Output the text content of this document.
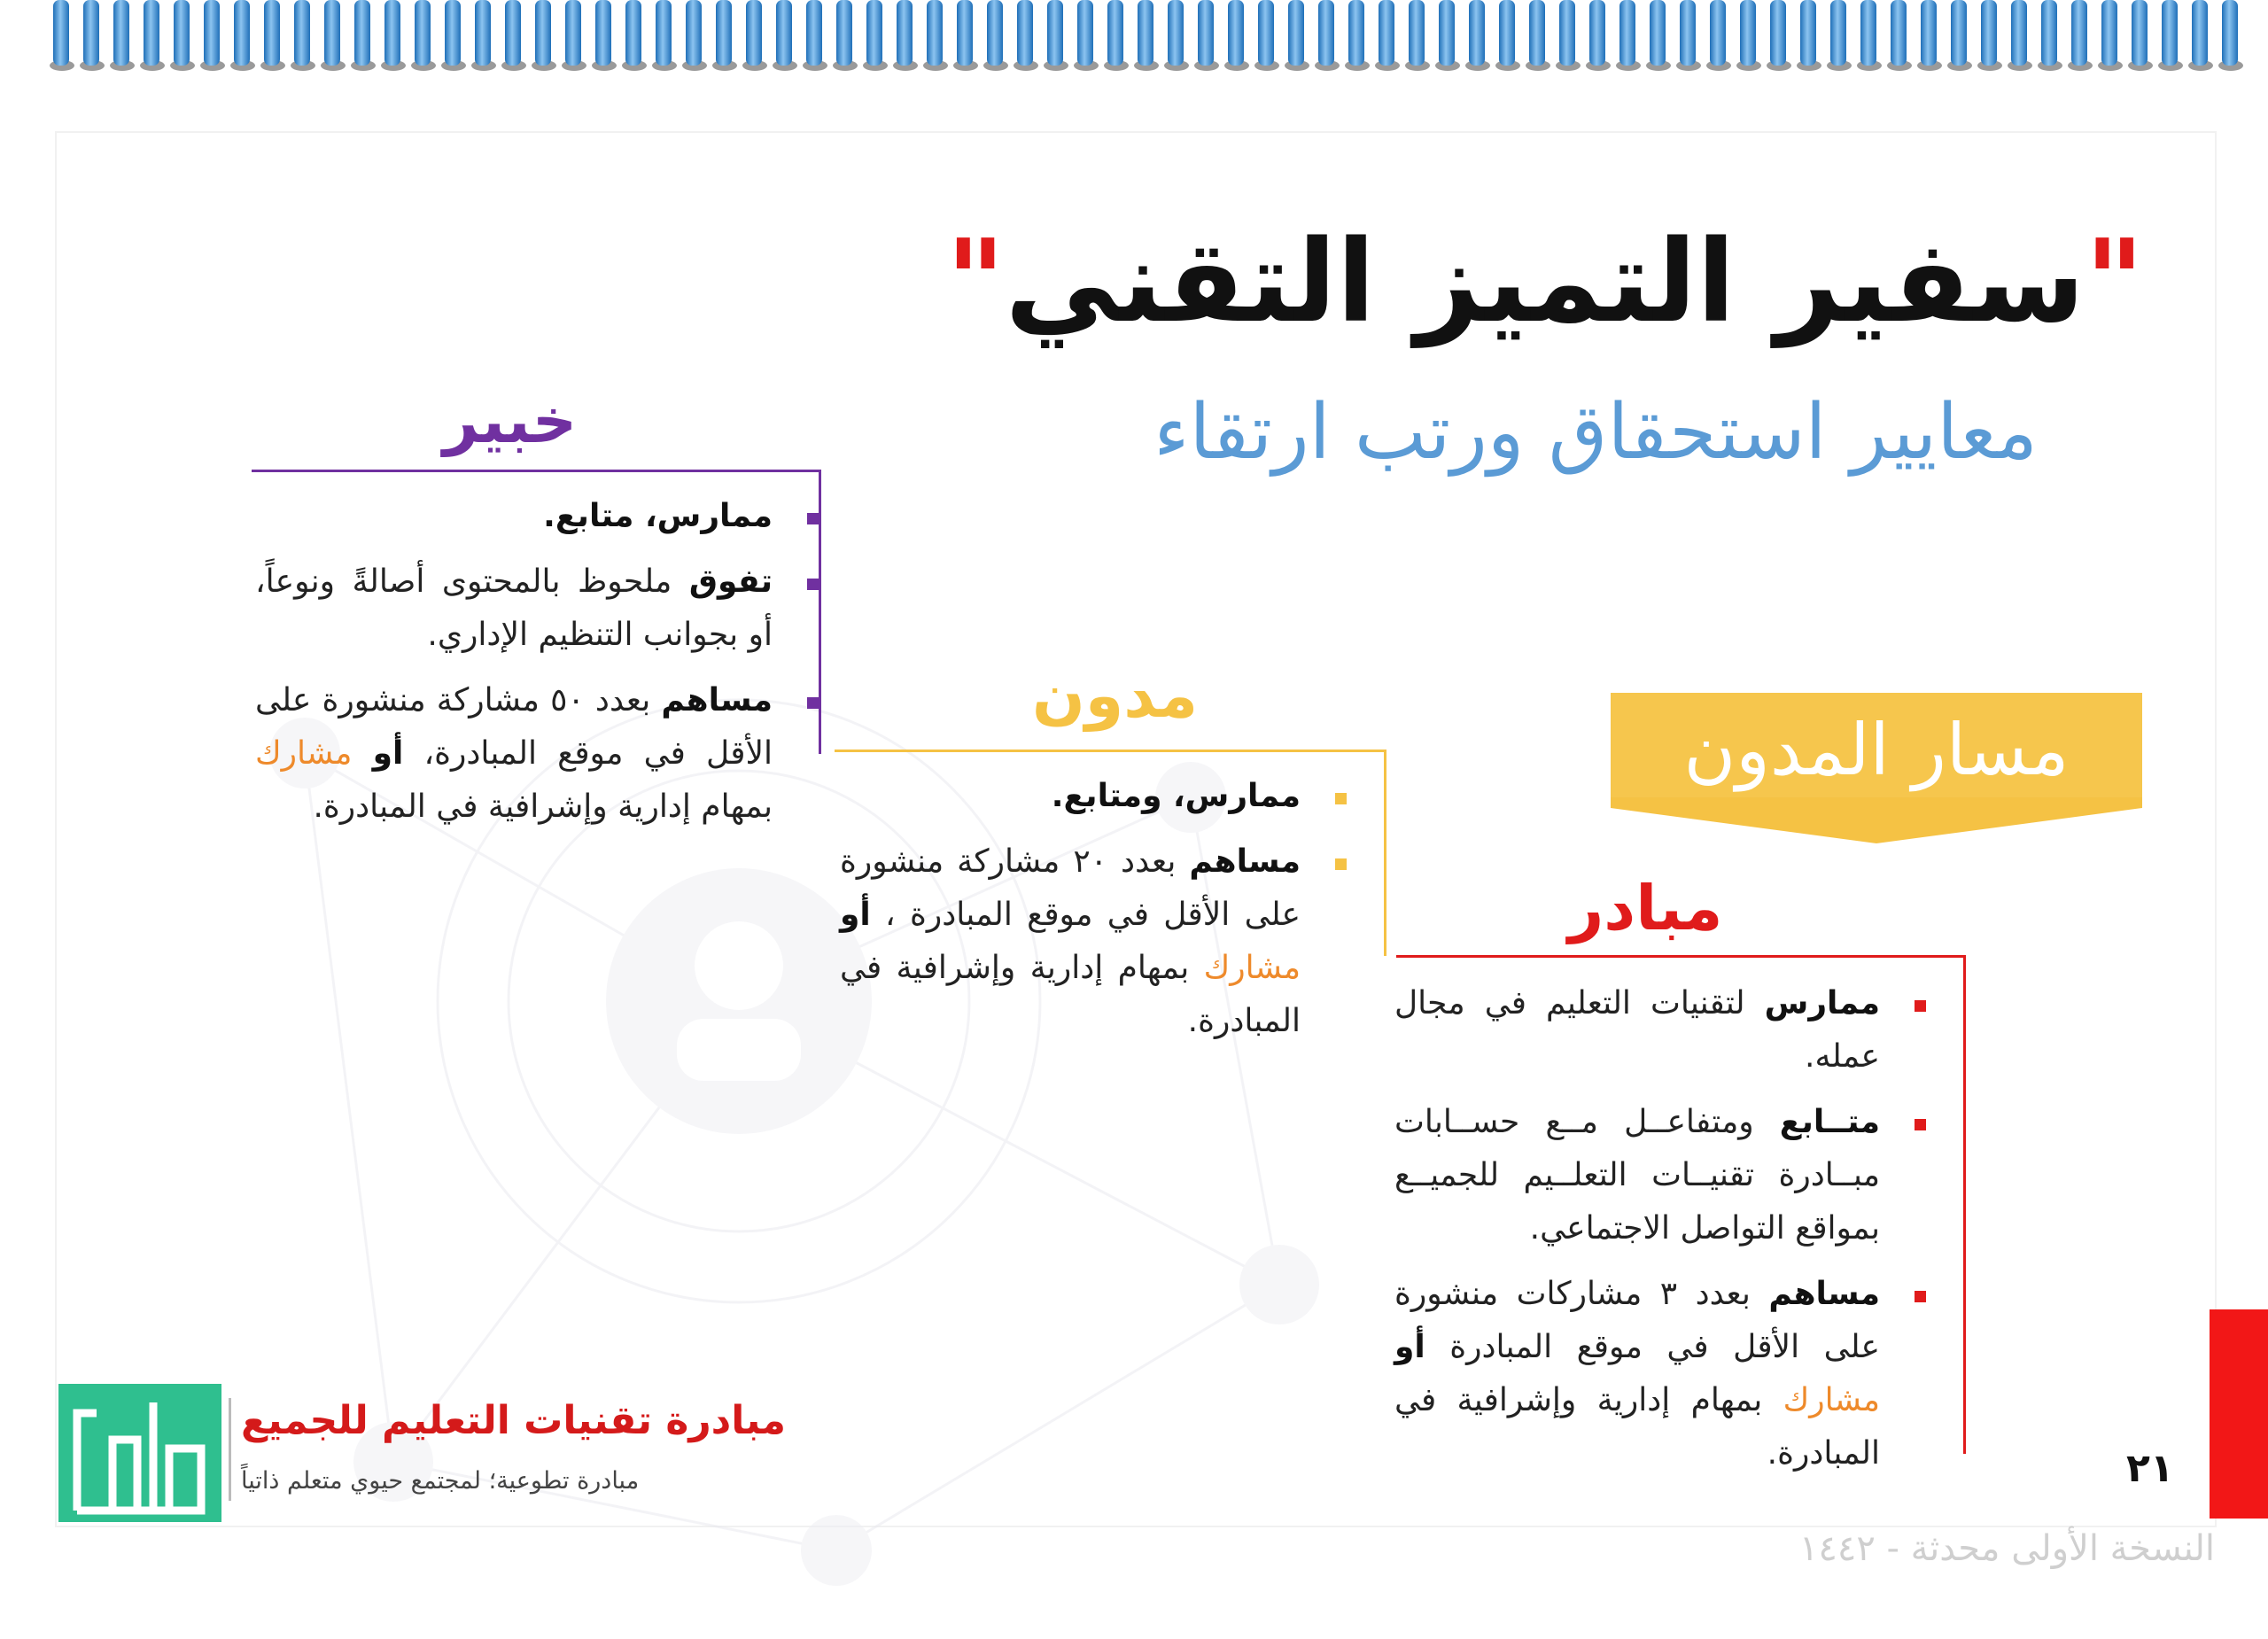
"سفير التميز التقني"
معايير استحقاق ورتب ارتقاء
مسار المدون
خبير
مدون
مبادر
ممارس، متابع.
تفوق ملحوظ بالمحتوى أصالةً ونوعاً، أو بجوانب التنظيم الإداري.
مساهم بعدد ٥٠ مشاركة منشورة على الأقل في موقع المبادرة، أو مشارك بمهام إدارية وإشرافية في المبادرة.	ممارس، ومتابع.
مساهم بعدد ٢٠ مشاركة منشورة على الأقل في موقع المبادرة ، أو مشارك بمهام إدارية وإشرافية في المبادرة.	ممارس لتقنيات التعليم في مجال عمله.
متــابع ومتفاعــل مــع حســابات مبــادرة تقنيــات التعلــيم للجميــع بمواقع التواصل الاجتماعي.
مساهم بعدد ٣ مشاركات منشورة على الأقل في موقع المبادرة أو مشارك بمهام إدارية وإشرافية في المبادرة.
مبادرة تقنيات التعليم للجميع
مبادرة تطوعية؛ لمجتمع حيوي متعلم ذاتياً	٢١
النسخة الأولى محدثة - ١٤٤٢
